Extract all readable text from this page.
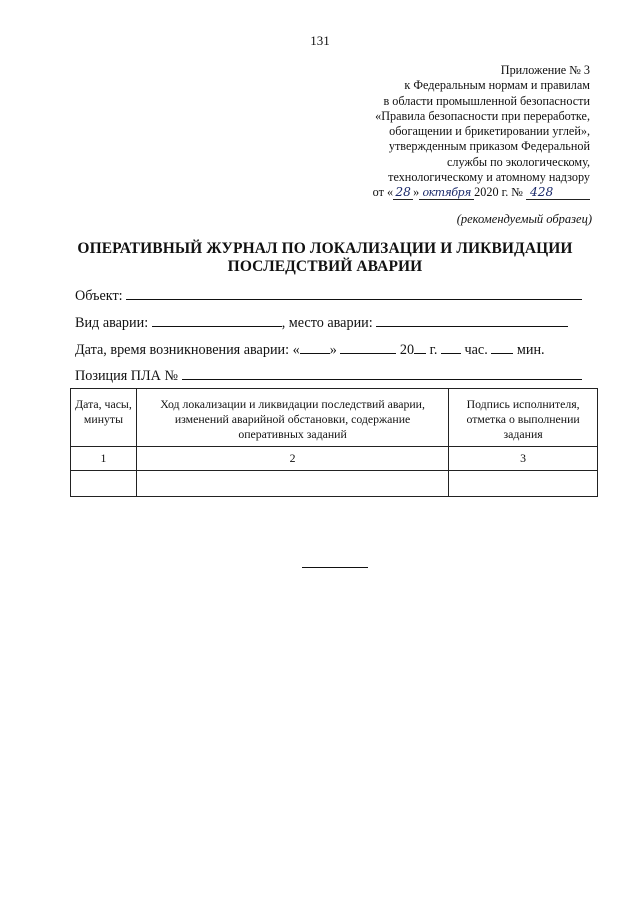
131
Приложение № 3
к Федеральным нормам и правилам
в области промышленной безопасности
«Правила безопасности при переработке,
обогащении и брикетировании углей»,
утвержденным приказом Федеральной
службы по экологическому,
технологическому и атомному надзору
от « 28 » октября 2020 г. № 428
(рекомендуемый образец)
ОПЕРАТИВНЫЙ ЖУРНАЛ ПО ЛОКАЛИЗАЦИИ И ЛИКВИДАЦИИ
ПОСЛЕДСТВИЙ АВАРИИ
Объект:
Вид аварии:	, место аварии:
Дата, время возникновения аварии: « »	20 г. час. мин.
Позиция ПЛА №
Дата, часы, минуты	Ход локализации и ликвидации последствий аварии, изменений аварийной обстановки, содержание оперативных заданий	Подпись исполнителя, отметка о выполнении задания
1	2	3
